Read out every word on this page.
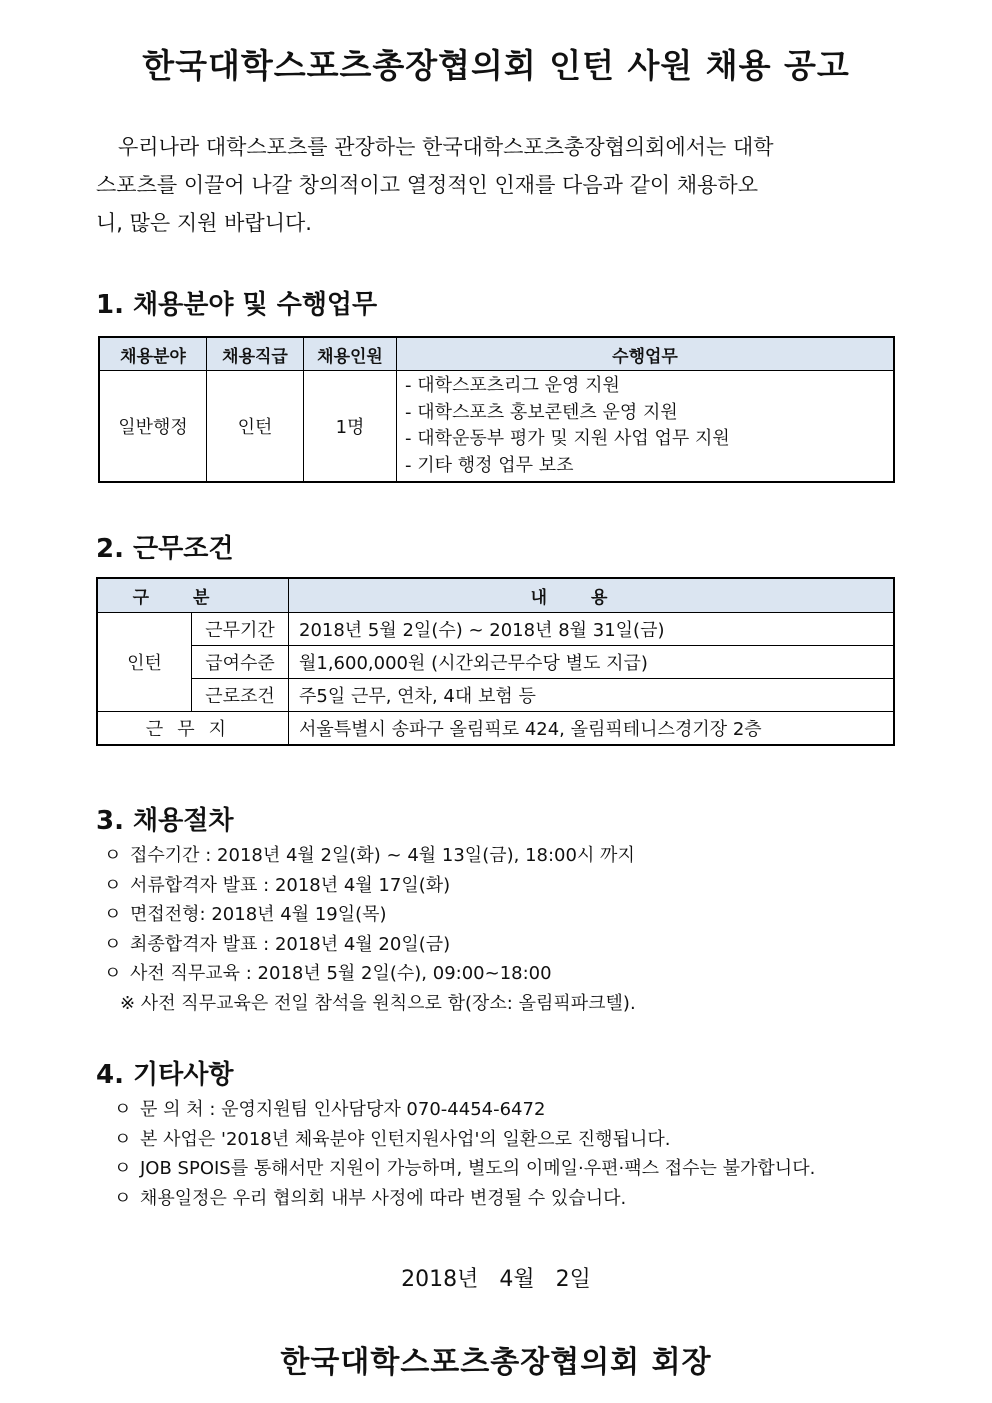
한국대학스포츠총장협의회 인턴 사원 채용 공고
우리나라 대학스포츠를 관장하는 한국대학스포츠총장협의회에서는 대학
스포츠를 이끌어 나갈 창의적이고 열정적인 인재를 다음과 같이 채용하오
니, 많은 지원 바랍니다.
1. 채용분야 및 수행업무
채용분야	채용직급	채용인원	수행업무
일반행정	인턴	1명	- 대학스포츠리그 운영 지원
- 대학스포츠 홍보콘텐츠 운영 지원
- 대학운동부 평가 및 지원 사업 업무 지원
- 기타 행정 업무 보조
2. 근무조건
구분		내용
인턴	근무기간	2018년 5월 2일(수) ~ 2018년 8월 31일(금)
	급여수준	월1,600,000원 (시간외근무수당 별도 지급)
	근로조건	주5일 근무, 연차, 4대 보험 등
근무지		서울특별시 송파구 올림픽로 424, 올림픽테니스경기장 2층
3. 채용절차
ㅇ 접수기간 : 2018년 4월 2일(화) ~ 4월 13일(금), 18:00시 까지
ㅇ 서류합격자 발표 : 2018년 4월 17일(화)
ㅇ 면접전형: 2018년 4월 19일(목)
ㅇ 최종합격자 발표 : 2018년 4월 20일(금)
ㅇ 사전 직무교육 : 2018년 5월 2일(수), 09:00~18:00
※ 사전 직무교육은 전일 참석을 원칙으로 함(장소: 올림픽파크텔).
4. 기타사항
ㅇ 문 의 처 : 운영지원팀 인사담당자 070-4454-6472
ㅇ 본 사업은 '2018년 체육분야 인턴지원사업'의 일환으로 진행됩니다.
ㅇ JOB SPOIS를 통해서만 지원이 가능하며, 별도의 이메일·우편·팩스 접수는 불가합니다.
ㅇ 채용일정은 우리 협의회 내부 사정에 따라 변경될 수 있습니다.
2018년 4월 2일
한국대학스포츠총장협의회 회장
